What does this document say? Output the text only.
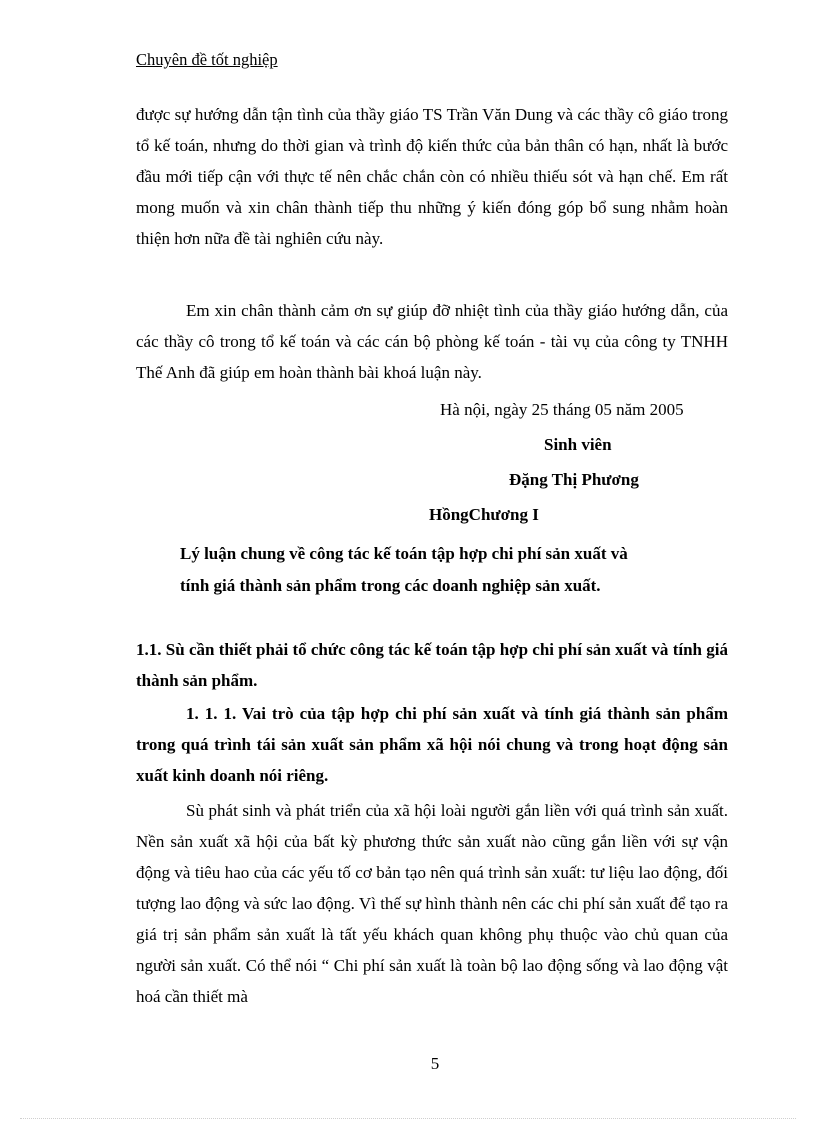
Chuyên đề tốt nghiệp

được sự hướng dẫn tận tình của thầy giáo TS Trần Văn Dung và các thầy cô giáo trong tổ kế toán, nhưng do thời gian và trình độ kiến thức của bản thân có hạn, nhất là bước đầu mới tiếp cận với thực tế nên chắc chắn còn có nhiều thiếu sót và hạn chế. Em rất mong muốn và xin chân thành tiếp thu những ý kiến đóng góp bổ sung nhằm hoàn thiện hơn nữa đề tài nghiên cứu này.

Em xin chân thành cảm ơn sự giúp đỡ nhiệt tình của thầy giáo hướng dẫn, của các thầy cô trong tổ kế toán và các cán bộ phòng kế toán - tài vụ của công ty TNHH Thế Anh đã giúp em hoàn thành bài khoá luận này.

Hà nội, ngày 25 tháng 05 năm 2005
Sinh viên
Đặng Thị Phương
HồngChương I
Lý luận chung về công tác kế toán tập hợp chi phí sản xuất và
tính giá thành sản phẩm trong các doanh nghiệp sản xuất.

1.1. Sù cần thiết phải tổ chức công tác kế toán tập hợp chi phí sản xuất và tính giá thành sản phẩm.

1. 1. 1. Vai trò của tập hợp chi phí sản xuất và tính giá thành sản phẩm trong quá trình tái sản xuất sản phẩm xã hội nói chung và trong hoạt động sản xuất kinh doanh nói riêng.

Sù phát sinh và phát triển của xã hội loài người gắn liền với quá trình sản xuất. Nền sản xuất xã hội của bất kỳ phương thức sản xuất nào cũng gắn liền với sự vận động và tiêu hao của các yếu tố cơ bản tạo nên quá trình sản xuất: tư liệu lao động, đối tượng lao động và sức lao động. Vì thế sự hình thành nên các chi phí sản xuất để tạo ra giá trị sản phẩm sản xuất là tất yếu khách quan không phụ thuộc vào chủ quan của người sản xuất. Có thể nói “ Chi phí sản xuất là toàn bộ lao động sống và lao động vật hoá cần thiết mà

5
